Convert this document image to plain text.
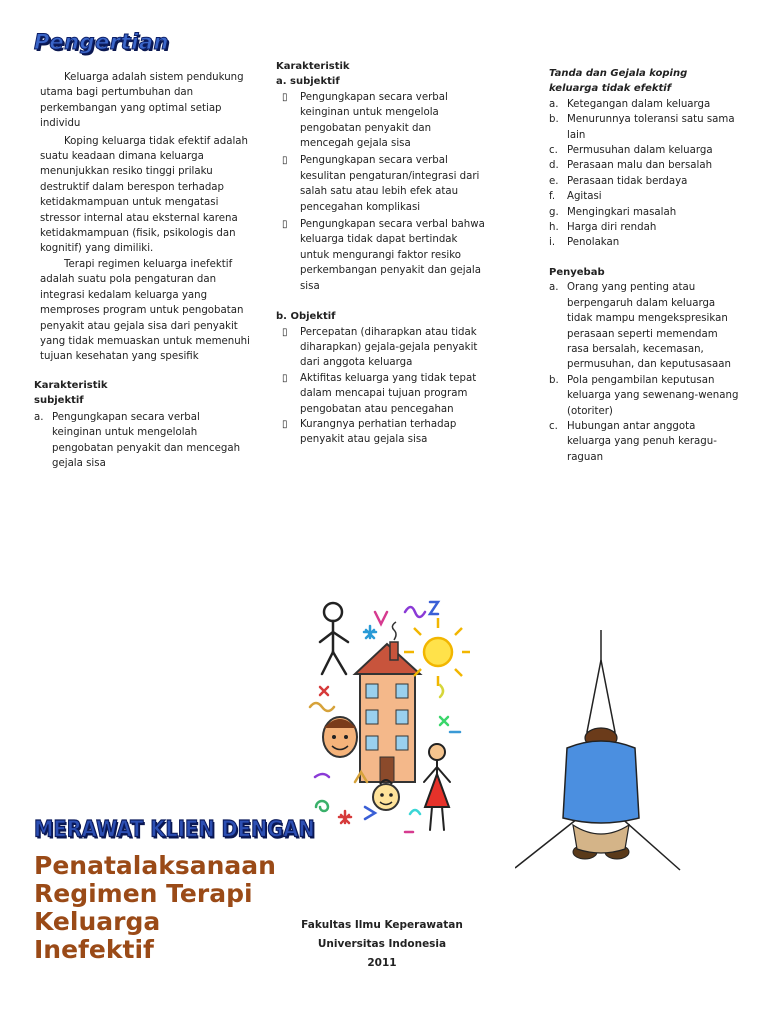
Pengertian

Keluarga adalah sistem pendukung utama bagi pertumbuhan dan perkembangan yang optimal setiap individu

Koping keluarga tidak efektif adalah suatu keadaan dimana keluarga menunjukkan resiko tinggi prilaku destruktif dalam berespon terhadap ketidakmampuan untuk mengatasi stressor internal atau eksternal karena ketidakmampuan (fisik, psikologis dan kognitif) yang dimiliki.

Terapi regimen keluarga inefektif adalah suatu pola pengaturan dan integrasi kedalam keluarga yang memproses program untuk pengobatan penyakit atau gejala sisa dari penyakit yang tidak memuaskan untuk memenuhi tujuan kesehatan yang spesifik

Karakteristik
subjektif
a. Pengungkapan secara verbal keinginan untuk mengelolah pengobatan penyakit dan mencegah gejala sisa
Karakteristik
a. subjektif
▯ Pengungkapan secara verbal keinginan untuk mengelola pengobatan penyakit dan mencegah gejala sisa
▯ Pengungkapan secara verbal kesulitan pengaturan/integrasi dari salah satu atau lebih efek atau pencegahan komplikasi
▯ Pengungkapan secara verbal bahwa keluarga tidak dapat bertindak untuk mengurangi faktor resiko perkembangan penyakit dan gejala sisa
b. Objektif
▯ Percepatan (diharapkan atau tidak diharapkan) gejala-gejala penyakit dari anggota keluarga
▯ Aktifitas keluarga yang tidak tepat dalam mencapai tujuan program pengobatan atau pencegahan
▯ Kurangnya perhatian terhadap penyakit atau gejala sisa
Tanda dan Gejala koping keluarga tidak efektif
a. Ketegangan dalam keluarga
b. Menurunnya toleransi satu sama lain
c. Permusuhan dalam keluarga
d. Perasaan malu dan bersalah
e. Perasaan tidak berdaya
f. Agitasi
g. Mengingkari masalah
h. Harga diri rendah
i. Penolakan
Penyebab
a. Orang yang penting atau berpengaruh dalam keluarga tidak mampu mengekspresikan perasaan seperti memendam rasa bersalah, kecemasan, permusuhan, dan keputusasaan
b. Pola pengambilan keputusan keluarga yang sewenang-wenang (otoriter)
c. Hubungan antar anggota keluarga yang penuh keragu-raguan
MERAWAT KLIEN DENGAN
Penatalaksanaan Regimen Terapi Keluarga Inefektif
Fakultas Ilmu Keperawatan
Universitas Indonesia
2011
